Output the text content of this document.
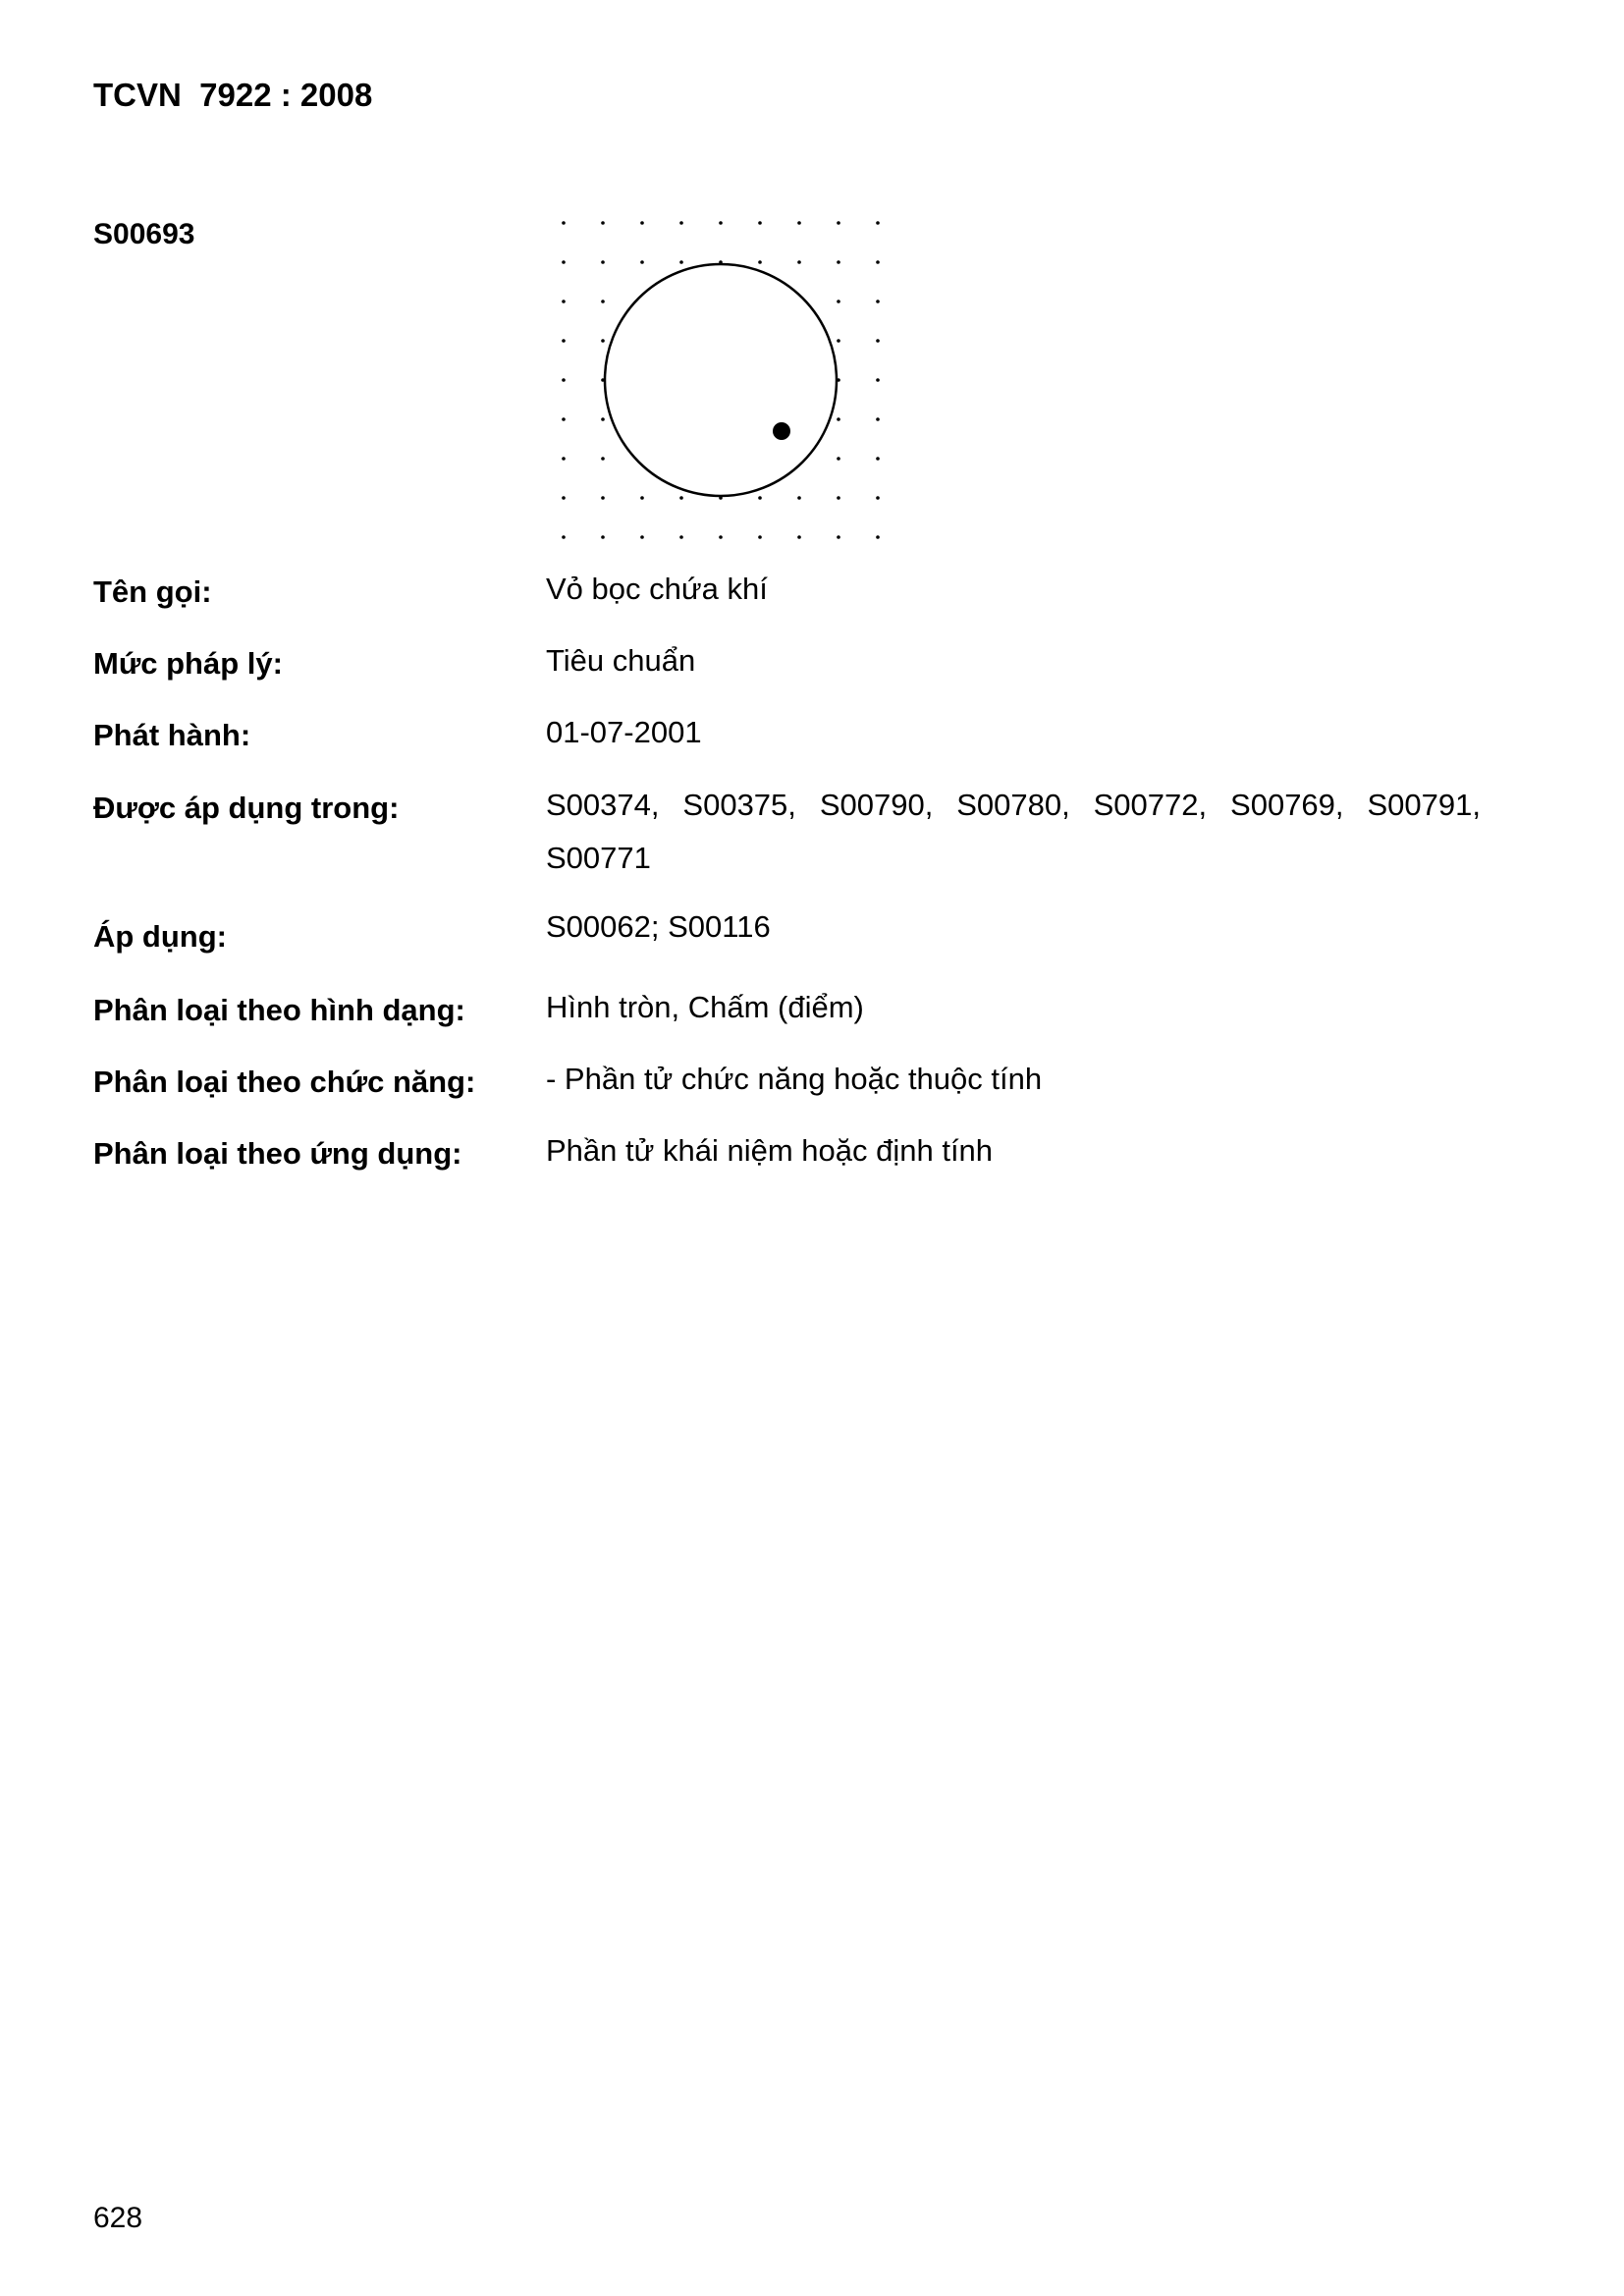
TCVN  7922 : 2008
S00693
Tên gọi:	Vỏ bọc chứa khí
Mức pháp lý:	Tiêu chuẩn
Phát hành:	01-07-2001
Được áp dụng trong:	S00374, S00375, S00790, S00780, S00772, S00769, S00791,
S00771
Áp dụng:	S00062; S00116
Phân loại theo hình dạng:	Hình tròn, Chấm (điểm)
Phân loại theo chức năng: - Phần tử chức năng hoặc thuộc tính
Phân loại theo ứng dụng:	Phần tử khái niệm hoặc định tính
628
